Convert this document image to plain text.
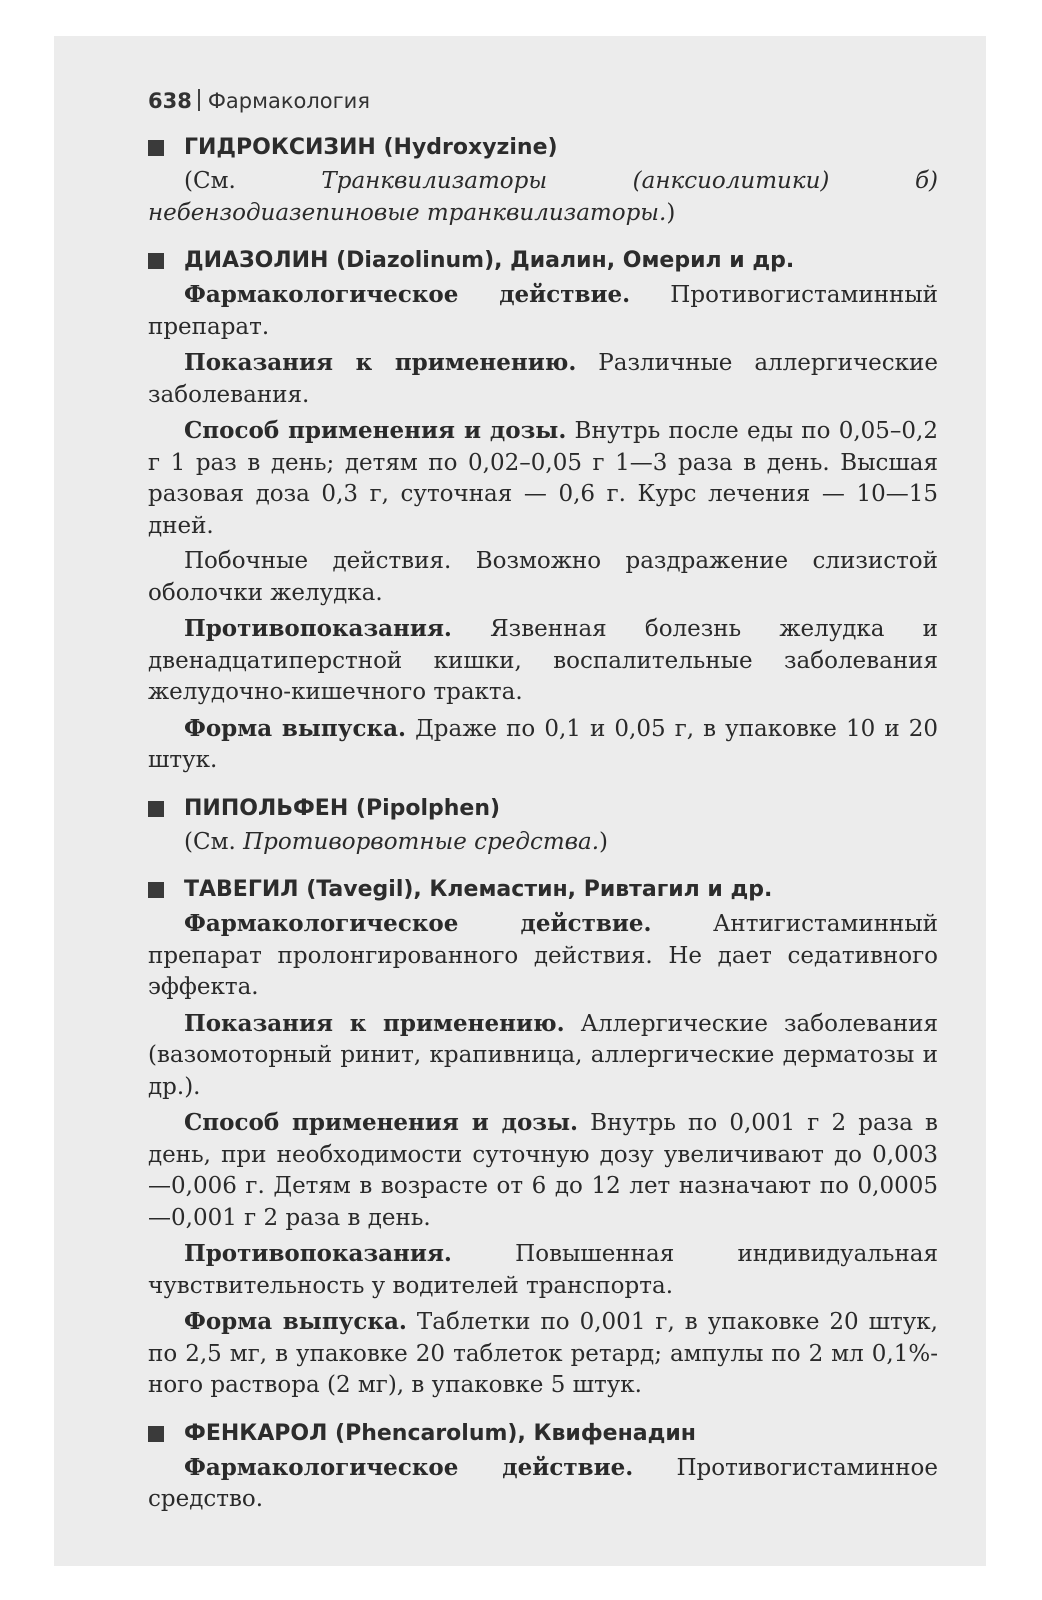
638 Фармакология
ГИДРОКСИЗИН (Hydroxyzine)

(См. Транквилизаторы (анксиолитики) б) небензодиазепиновые транквилизаторы.)

ДИАЗОЛИН (Diazolinum), Диалин, Омерил и др.

Фармакологическое действие. Противогистаминный препарат.

Показания к применению. Различные аллергические заболевания.

Способ применения и дозы. Внутрь после еды по 0,05–0,2 г 1 раз в день; детям по 0,02–0,05 г 1—3 раза в день. Высшая разовая доза 0,3 г, суточная — 0,6 г. Курс лечения — 10—15 дней.

Побочные действия. Возможно раздражение слизистой оболочки желудка.

Противопоказания. Язвенная болезнь желудка и двенадцатиперстной кишки, воспалительные заболевания желудочно-кишечного тракта.

Форма выпуска. Драже по 0,1 и 0,05 г, в упаковке 10 и 20 штук.

ПИПОЛЬФЕН (Pipolphen)

(См. Противорвотные средства.)

ТАВЕГИЛ (Tavegil), Клемастин, Ривтагил и др.

Фармакологическое действие. Антигистаминный препарат пролонгированного действия. Не дает седативного эффекта.

Показания к применению. Аллергические заболевания (вазомоторный ринит, крапивница, аллергические дерматозы и др.).

Способ применения и дозы. Внутрь по 0,001 г 2 раза в день, при необходимости суточную дозу увеличивают до 0,003—0,006 г. Детям в возрасте от 6 до 12 лет назначают по 0,0005—0,001 г 2 раза в день.

Противопоказания. Повышенная индивидуальная чувствительность у водителей транспорта.

Форма выпуска. Таблетки по 0,001 г, в упаковке 20 штук, по 2,5 мг, в упаковке 20 таблеток ретард; ампулы по 2 мл 0,1%-ного раствора (2 мг), в упаковке 5 штук.

ФЕНКАРОЛ (Phencarolum), Квифенадин

Фармакологическое действие. Противогистаминное средство.
